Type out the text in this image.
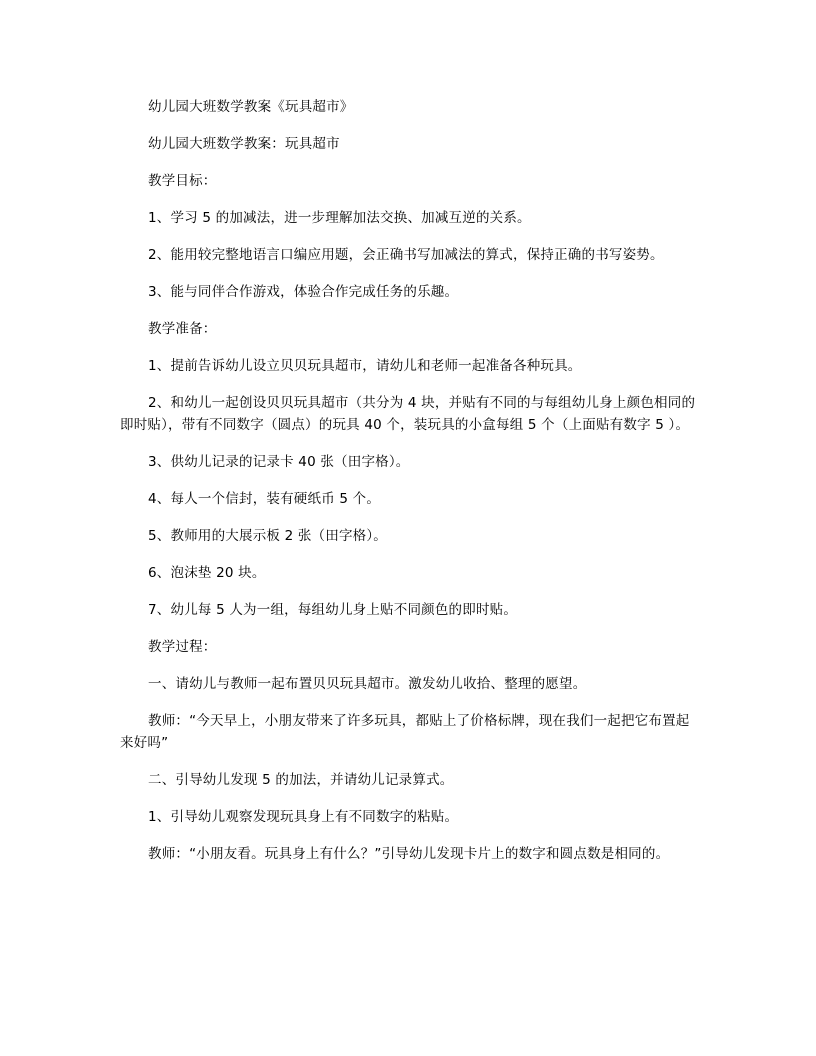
幼儿园大班数学教案《玩具超市》

幼儿园大班数学教案：玩具超市

教学目标：

1、学习 5 的加减法，进一步理解加法交换、加减互逆的关系。

2、能用较完整地语言口编应用题，会正确书写加减法的算式，保持正确的书写姿势。

3、能与同伴合作游戏，体验合作完成任务的乐趣。

教学准备：

1、提前告诉幼儿设立贝贝玩具超市，请幼儿和老师一起准备各种玩具。

2、和幼儿一起创设贝贝玩具超市（共分为 4 块，并贴有不同的与每组幼儿身上颜色相同的即时贴），带有不同数字（圆点）的玩具 40 个，装玩具的小盒每组 5 个（上面贴有数字 5 ）。

3、供幼儿记录的记录卡 40 张（田字格）。

4、每人一个信封，装有硬纸币 5 个。

5、教师用的大展示板 2 张（田字格）。

6、泡沫垫 20 块。

7、幼儿每 5 人为一组，每组幼儿身上贴不同颜色的即时贴。

教学过程：

一、请幼儿与教师一起布置贝贝玩具超市。激发幼儿收拾、整理的愿望。

教师：“今天早上，小朋友带来了许多玩具，都贴上了价格标牌，现在我们一起把它布置起来好吗”

二、引导幼儿发现 5 的加法，并请幼儿记录算式。

1、引导幼儿观察发现玩具身上有不同数字的粘贴。

教师：“小朋友看。玩具身上有什么？”引导幼儿发现卡片上的数字和圆点数是相同的。
